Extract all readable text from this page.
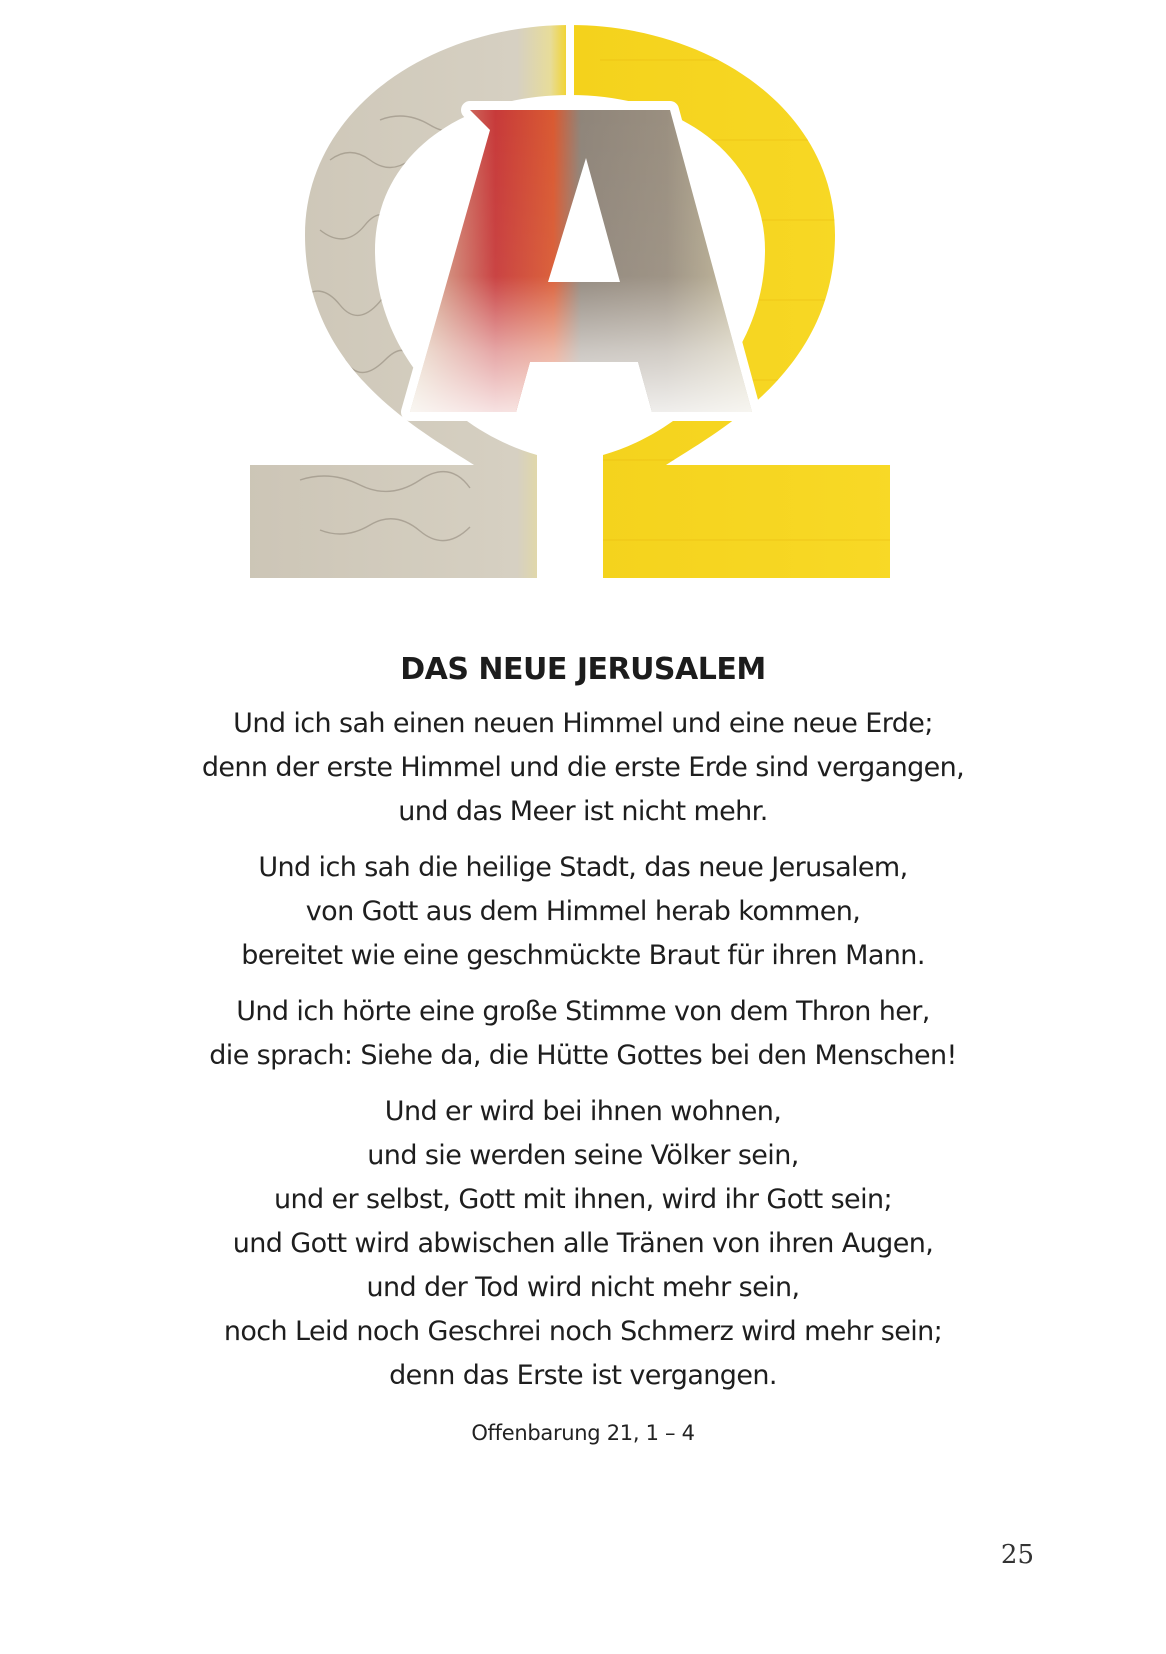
DAS NEUE JERUSALEM
Und ich sah einen neuen Himmel und eine neue Erde;
denn der erste Himmel und die erste Erde sind vergangen,
und das Meer ist nicht mehr.
Und ich sah die heilige Stadt, das neue Jerusalem,
von Gott aus dem Himmel herab kommen,
bereitet wie eine geschmückte Braut für ihren Mann.
Und ich hörte eine große Stimme von dem Thron her,
die sprach: Siehe da, die Hütte Gottes bei den Menschen!
Und er wird bei ihnen wohnen,
und sie werden seine Völker sein,
und er selbst, Gott mit ihnen, wird ihr Gott sein;
und Gott wird abwischen alle Tränen von ihren Augen,
und der Tod wird nicht mehr sein,
noch Leid noch Geschrei noch Schmerz wird mehr sein;
denn das Erste ist vergangen.
Offenbarung 21, 1 – 4
25
